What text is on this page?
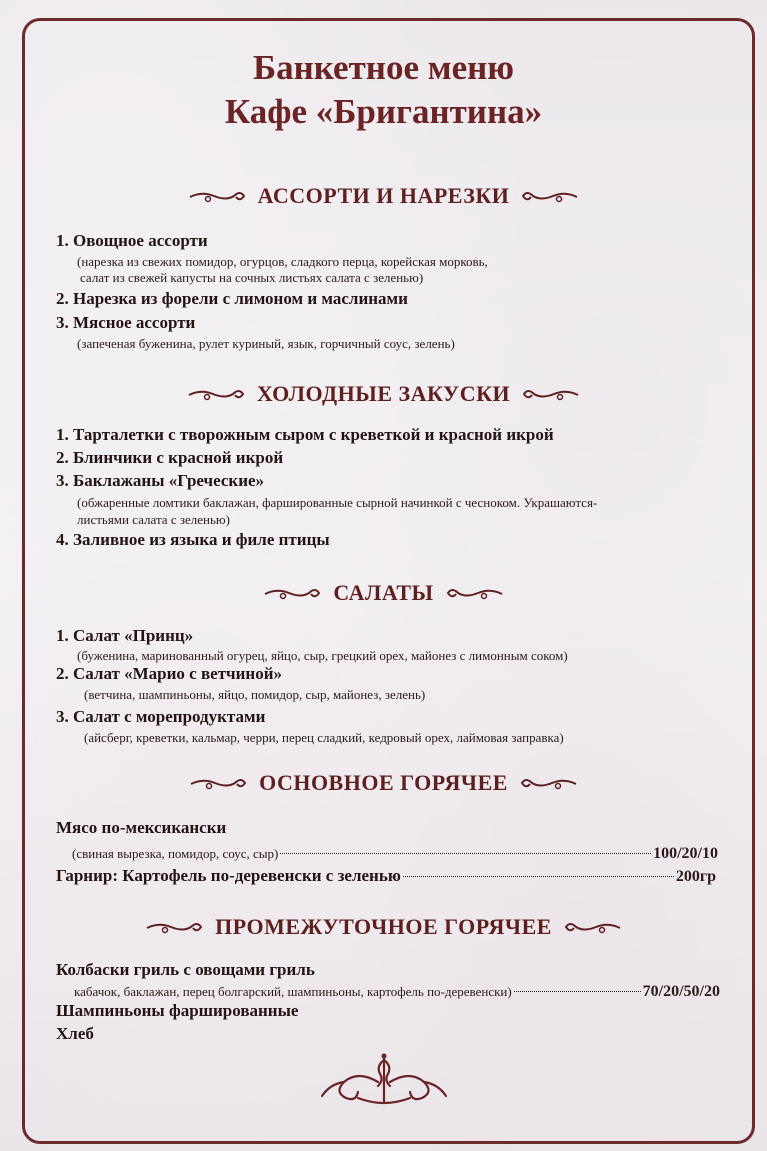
Банкетное меню
Кафе «Бригантина»
АССОРТИ И НАРЕЗКИ
1. Овощное ассорти
(нарезка из свежих помидор, огурцов, сладкого перца, корейская морковь,
салат из свежей капусты на сочных листьях салата с зеленью)
2. Нарезка из форели с лимоном и маслинами
3. Мясное ассорти
(запеченая буженина, рулет куриный, язык, горчичный соус, зелень)
ХОЛОДНЫЕ ЗАКУСКИ
1. Тарталетки с творожным сыром с креветкой и красной икрой
2. Блинчики с красной икрой
3. Баклажаны «Греческие»
(обжаренные ломтики баклажан, фаршированные сырной начинкой с чесноком. Украшаются-
листьями салата с зеленью)
4. Заливное из языка и филе птицы
САЛАТЫ
1. Салат «Принц»
(буженина, маринованный огурец, яйцо, сыр, грецкий орех, майонез с лимонным соком)
2. Салат «Марио с ветчиной»
(ветчина, шампиньоны, яйцо, помидор, сыр, майонез, зелень)
3. Салат с морепродуктами
(айсберг, креветки, кальмар, черри, перец сладкий, кедровый орех, лаймовая заправка)
ОСНОВНОЕ ГОРЯЧЕЕ
Мясо по-мексикански
(свиная вырезка, помидор, соус, сыр)	100/20/10
Гарнир: Картофель по-деревенски с зеленью	200гр
ПРОМЕЖУТОЧНОЕ ГОРЯЧЕЕ
Колбаски гриль с овощами гриль
кабачок, баклажан, перец болгарский, шампиньоны, картофель по-деревенски)	70/20/50/20
Шампиньоны фаршированные
Хлеб
